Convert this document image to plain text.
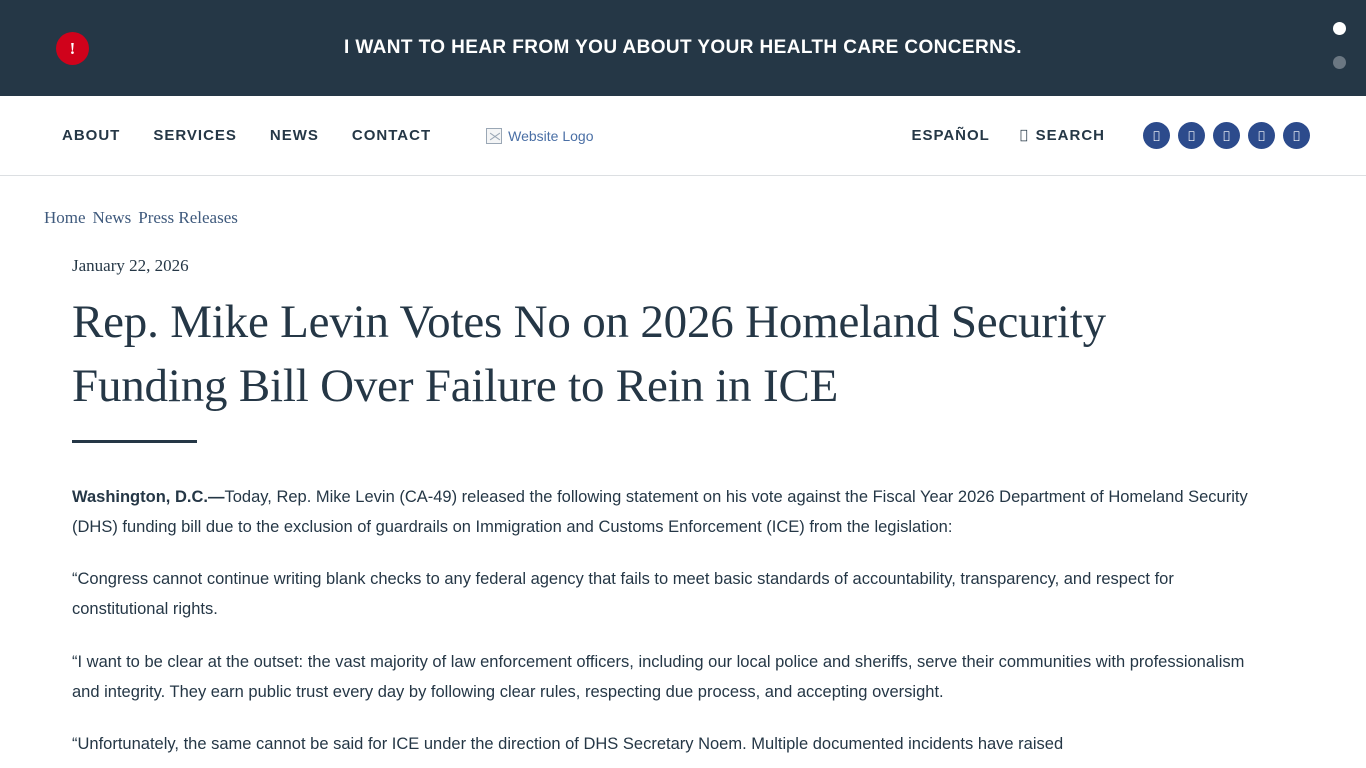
!	I WANT TO HEAR FROM YOU ABOUT YOUR HEALTH CARE CONCERNS.
ABOUT SERVICES NEWS CONTACT	Website Logo	ESPAÑOL	SEARCH
Home News Press Releases
January 22, 2026
Rep. Mike Levin Votes No on 2026 Homeland Security Funding Bill Over Failure to Rein in ICE

Washington, D.C.—Today, Rep. Mike Levin (CA-49) released the following statement on his vote against the Fiscal Year 2026 Department of Homeland Security (DHS) funding bill due to the exclusion of guardrails on Immigration and Customs Enforcement (ICE) from the legislation:

“Congress cannot continue writing blank checks to any federal agency that fails to meet basic standards of accountability, transparency, and respect for constitutional rights.

“I want to be clear at the outset: the vast majority of law enforcement officers, including our local police and sheriffs, serve their communities with professionalism and integrity. They earn public trust every day by following clear rules, respecting due process, and accepting oversight.

“Unfortunately, the same cannot be said for ICE under the direction of DHS Secretary Noem. Multiple documented incidents have raised
